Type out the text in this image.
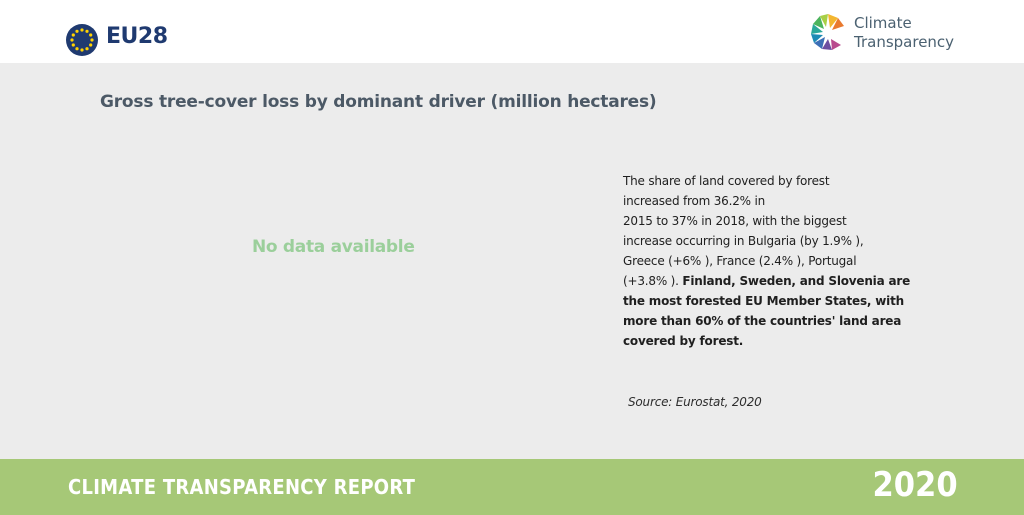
EU28
Climate
Transparency
Gross tree-cover loss by dominant driver (million hectares)
No data available
The share of land covered by forest
increased from 36.2% in
2015 to 37% in 2018, with the biggest
increase occurring in Bulgaria (by 1.9% ),
Greece (+6% ), France (2.4% ), Portugal
(+3.8% ). Finland, Sweden, and Slovenia are
the most forested EU Member States, with
more than 60% of the countries' land area
covered by forest.
Source: Eurostat, 2020
CLIMATE TRANSPARENCY REPORT	2020
